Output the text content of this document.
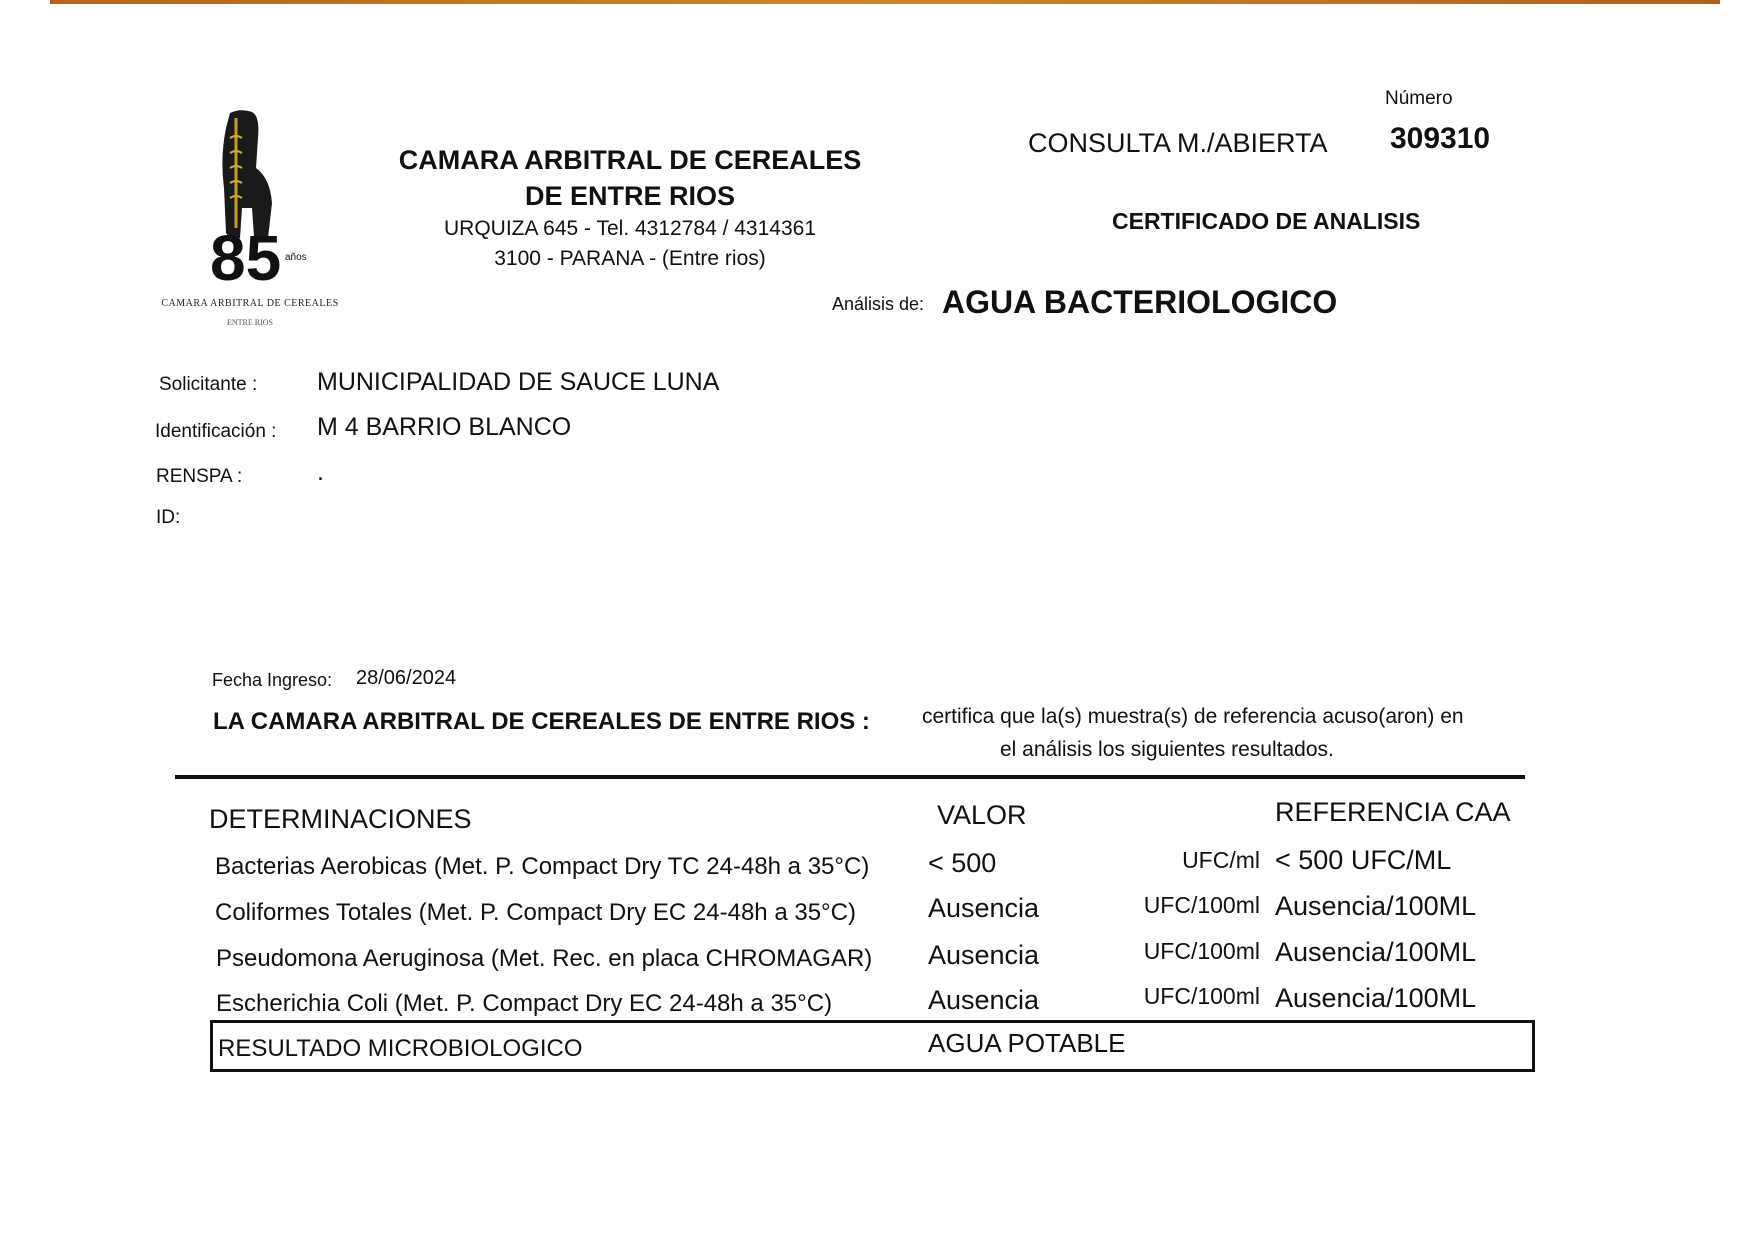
85 años
CAMARA ARBITRAL DE CEREALES
ENTRE RIOS
CAMARA ARBITRAL DE CEREALES DE ENTRE RIOS
URQUIZA 645 - Tel. 4312784 / 4314361
3100 - PARANA - (Entre rios)
Número
CONSULTA M./ABIERTA 309310
CERTIFICADO DE ANALISIS
Análisis de: AGUA BACTERIOLOGICO
Solicitante : MUNICIPALIDAD DE SAUCE LUNA
Identificación : M 4 BARRIO BLANCO
RENSPA :	.
ID:
Fecha Ingreso: 28/06/2024
LA CAMARA ARBITRAL DE CEREALES DE ENTRE RIOS : certifica que la(s) muestra(s) de referencia acuso(aron) en
el análisis los siguientes resultados.
DETERMINACIONES	VALOR	REFERENCIA CAA
Bacterias Aerobicas (Met. P. Compact Dry TC 24-48h a 35°C) < 500	UFC/ml < 500 UFC/ML
Coliformes Totales (Met. P. Compact Dry EC 24-48h a 35°C)	Ausencia	UFC/100ml Ausencia/100ML
Pseudomona Aeruginosa (Met. Rec. en placa CHROMAGAR) Ausencia	UFC/100ml Ausencia/100ML
Escherichia Coli (Met. P. Compact Dry EC 24-48h a 35°C)	Ausencia	UFC/100ml Ausencia/100ML
RESULTADO MICROBIOLOGICO	AGUA POTABLE
